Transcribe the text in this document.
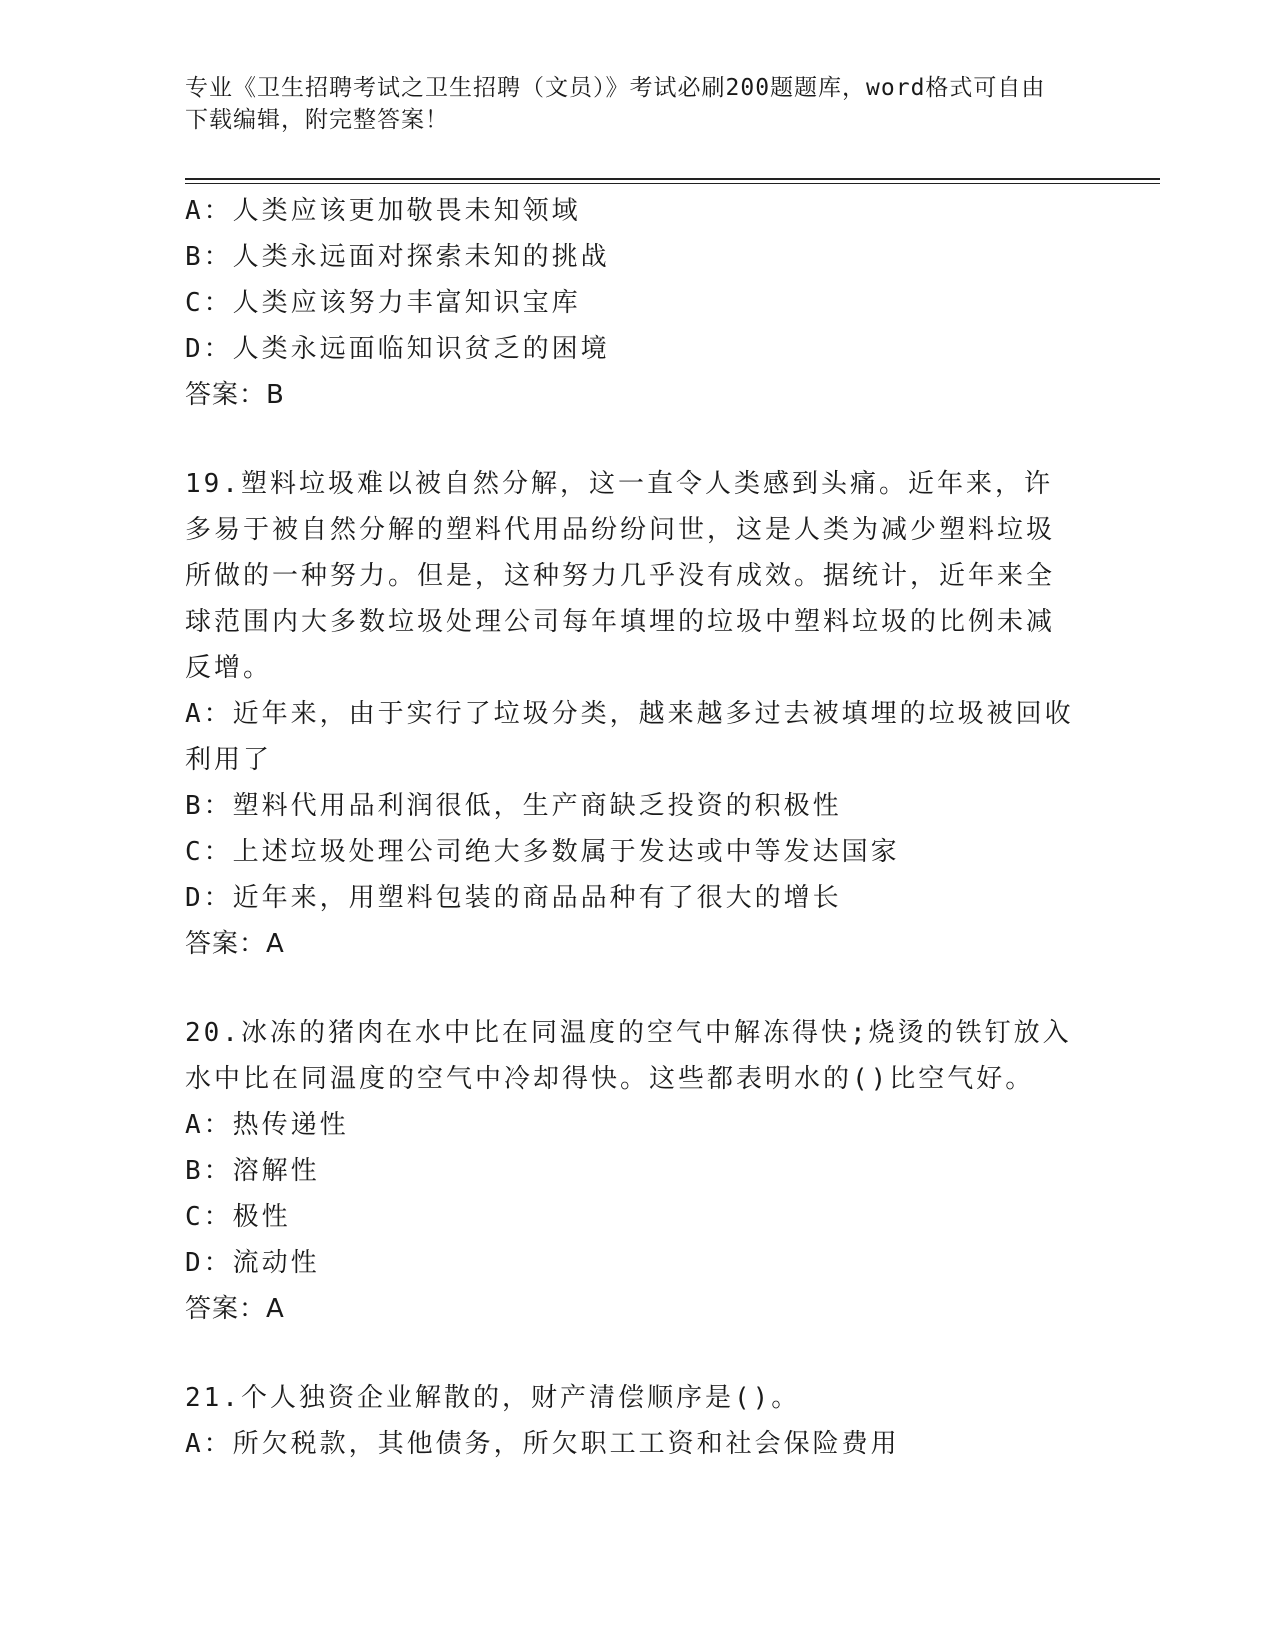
专业《卫生招聘考试之卫生招聘（文员）》考试必刷200题题库，word格式可自由下载编辑，附完整答案！

A：人类应该更加敬畏未知领域

B：人类永远面对探索未知的挑战

C：人类应该努力丰富知识宝库

D：人类永远面临知识贫乏的困境

答案：B

19.塑料垃圾难以被自然分解，这一直令人类感到头痛。近年来，许多易于被自然分解的塑料代用品纷纷问世，这是人类为减少塑料垃圾所做的一种努力。但是，这种努力几乎没有成效。据统计，近年来全球范围内大多数垃圾处理公司每年填埋的垃圾中塑料垃圾的比例未减反增。

A：近年来，由于实行了垃圾分类，越来越多过去被填埋的垃圾被回收利用了

B：塑料代用品利润很低，生产商缺乏投资的积极性

C：上述垃圾处理公司绝大多数属于发达或中等发达国家

D：近年来，用塑料包装的商品品种有了很大的增长

答案：A

20.冰冻的猪肉在水中比在同温度的空气中解冻得快;烧烫的铁钉放入水中比在同温度的空气中冷却得快。这些都表明水的()比空气好。

A：热传递性

B：溶解性

C：极性

D：流动性

答案：A

21.个人独资企业解散的，财产清偿顺序是()。

A：所欠税款，其他债务，所欠职工工资和社会保险费用
